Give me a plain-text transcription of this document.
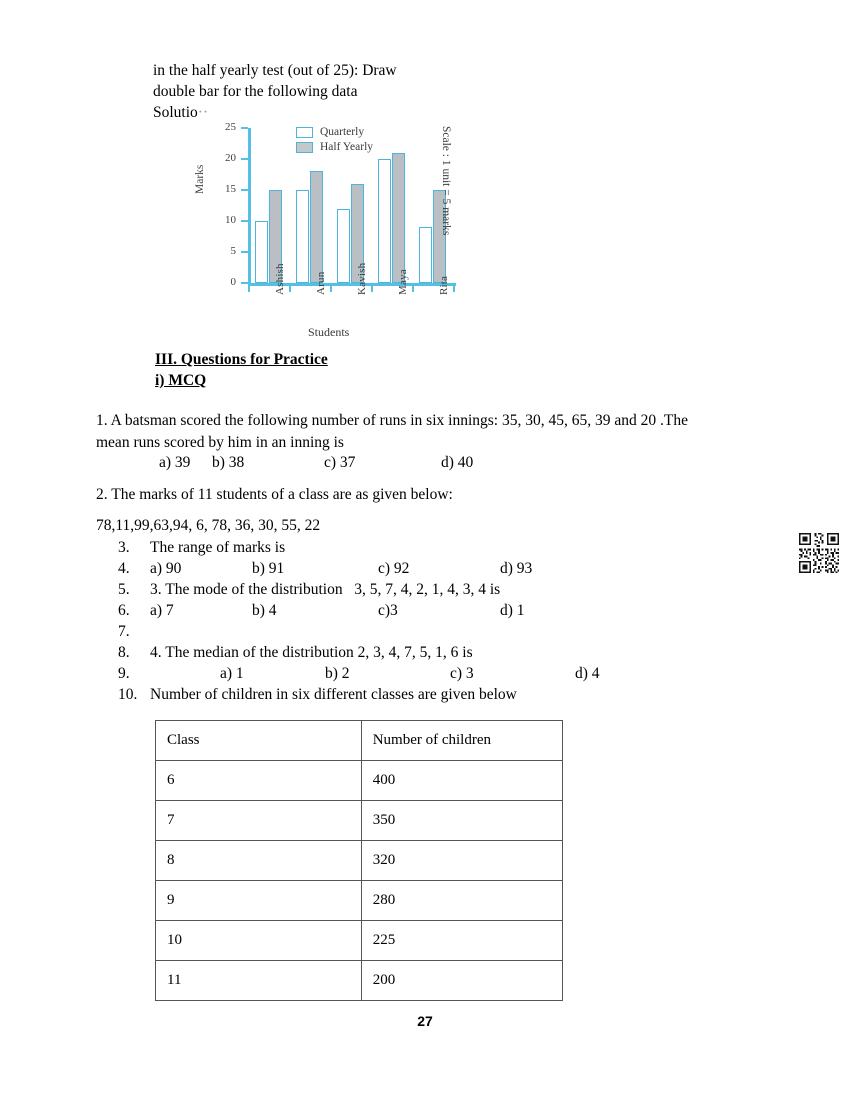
in the half yearly test (out of 25): Draw
double bar for the following data
Solutio··
Marks
0
5
10
15
20
25
Ashish	Arun	Kavish	Maya	Rita
Students
Quarterly
Half Yearly	Scale : 1 unit = 5 marks
III. Questions for Practice
i) MCQ
1. A batsman scored the following number of runs in six innings: 35, 30, 45, 65, 39 and 20 .The
mean runs scored by him in an inning is
a) 39 b) 38	c) 37	d) 40
2. The marks of 11 students of a class are as given below:
78,11,99,63,94, 6, 78, 36, 30, 55, 22
3.	The range of marks is
4.	a) 90	b) 91	c) 92	d) 93
5.	3. The mode of the distribution   3, 5, 7, 4, 2, 1, 4, 3, 4 is
6.	a) 7	b) 4	c)3	d) 1
7.
8.	4. The median of the distribution 2, 3, 4, 7, 5, 1, 6 is
9.	a) 1	b) 2	c) 3	d) 4
10. Number of children in six different classes are given below
Class	Number of children
6	400
7	350
8	320
9	280
10	225
11	200
27
